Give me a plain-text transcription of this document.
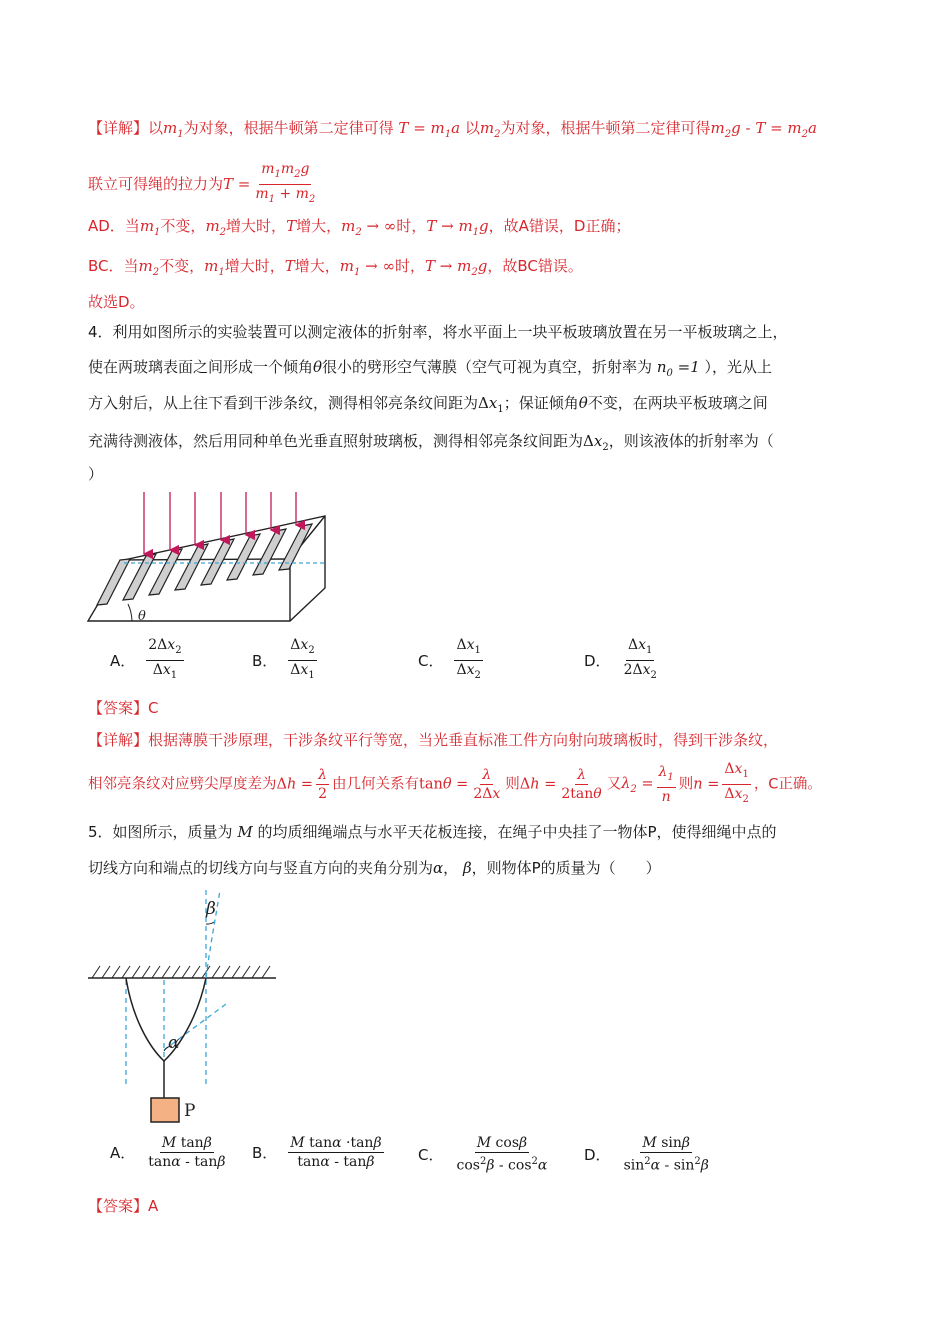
【详解】以$m_1$为对象，根据牛顿第二定律可得 $T = m_1a$ 以$m_2$为对象，根据牛顿第二定律可得$m_2g - T = m_2a$
联立可得绳的拉力为$T = \frac{m_1m_2g}{m_1 + m_2}$
AD．当$m_1$不变，$m_2$增大时，T增大，$m_2$ → ∞时，$T \to m_1g$，故A错误，D正确；
BC．当$m_2$不变，$m_1$增大时，T增大，$m_1$ → ∞时，$T \to m_2g$，故BC错误。
故选D。
4．利用如图所示的实验装置可以测定液体的折射率，将水平面上一块平板玻璃放置在另一平板玻璃之上，
使在两玻璃表面之间形成一个倾角θ很小的劈形空气薄膜（空气可视为真空，折射率为 $n_0 =1$ ），光从上
方入射后，从上往下看到干涉条纹，测得相邻亮条纹间距为$\Delta x_1$；保证倾角θ不变，在两块平板玻璃之间
充满待测液体，然后用同种单色光垂直照射玻璃板，测得相邻亮条纹间距为$\Delta x_2$，则该液体的折射率为（
）
θ
A． $\frac{2\Delta x_2}{\Delta x_1}$	B． $\frac{\Delta x_2}{\Delta x_1}$	C． $\frac{\Delta x_1}{\Delta x_2}$	D． $\frac{\Delta x_1}{2\Delta x_2}$
【答案】C
【详解】根据薄膜干涉原理，干涉条纹平行等宽，当光垂直标准工件方向射向玻璃板时，得到干涉条纹，
相邻亮条纹对应劈尖厚度差为$\Delta h = \frac{\lambda}{2}$ 由几何关系有$\tan\theta = \frac{\lambda}{2\Delta x}$ 则$\Delta h = \frac{\lambda}{2\tan\theta}$ 又$\lambda_2 = \frac{\lambda_1}{n}$ 则$n = \frac{\Delta x_1}{\Delta x_2}$ ，C正确。
5．如图所示，质量为 M 的均质细绳端点与水平天花板连接，在绳子中央挂了一物体P，使得细绳中点的
切线方向和端点的切线方向与竖直方向的夹角分别为α， β，则物体P的质量为（　　）
β
α
P
A． $\frac{\text{M tanβ}}{\tan\alpha - \tan\beta}$ B． $\frac{\text{M tanα ·tanβ}}{\tan\alpha - \tan\beta}$ C． $\frac{\text{M cosβ}}{\cos^2\beta - \cos^2\alpha}$ D． $\frac{\text{M sinβ}}{\sin^2\alpha - \sin^2\beta}$
【答案】A
